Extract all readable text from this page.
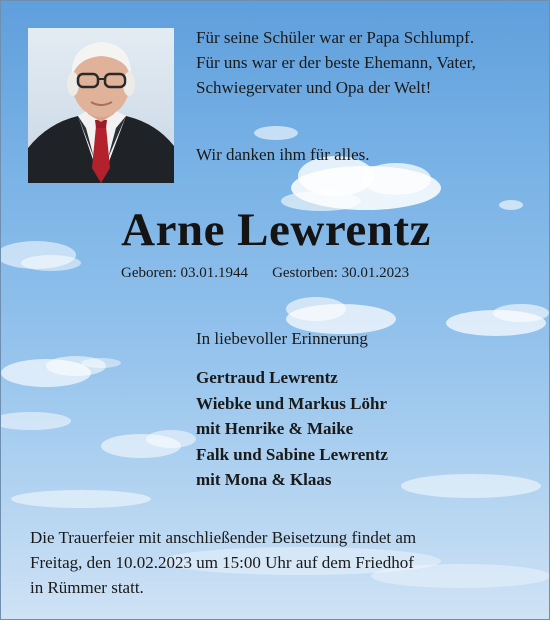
Für seine Schüler war er Papa Schlumpf.
Für uns war er der beste Ehemann, Vater,
Schwiegervater und Opa der Welt!

Wir danken ihm für alles.

Arne Lewrentz

Geboren: 03.01.1944 Gestorben: 30.01.2023

In liebevoller Erinnerung

Gertraud Lewrentz
Wiebke und Markus Löhr
mit Henrike & Maike
Falk und Sabine Lewrentz
mit Mona & Klaas

Die Trauerfeier mit anschließender Beisetzung findet am
Freitag, den 10.02.2023 um 15:00 Uhr auf dem Friedhof
in Rümmer statt.
